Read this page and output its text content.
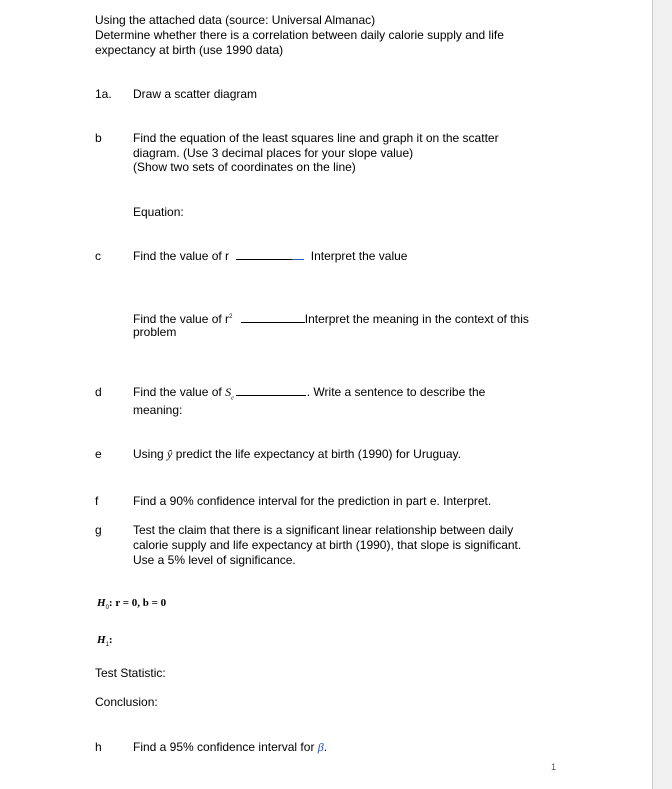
Using the attached data (source: Universal Almanac)
Determine whether there is a correlation between daily calorie supply and life
expectancy at birth (use 1990 data)
1a. Draw a scatter diagram
b	Find the equation of the least squares line and graph it on the scatter
diagram. (Use 3 decimal places for your slope value)
(Show two sets of coordinates on the line)
Equation:
c	Find the value of r	Interpret the value
Find the value of $r^2$	Interpret the meaning in the context of this
problem
d	Find the value of $S_e$	. Write a sentence to describe the
meaning:
e	Using ŷ predict the life expectancy at birth (1990) for Uruguay.
f	Find a 90% confidence interval for the prediction in part e. Interpret.
g	Test the claim that there is a significant linear relationship between daily
calorie supply and life expectancy at birth (1990), that slope is significant.
Use a 5% level of significance.
$H_0$: r = 0, b = 0
$H_1$:
Test Statistic:
Conclusion:
h	Find a 95% confidence interval for β.
1
